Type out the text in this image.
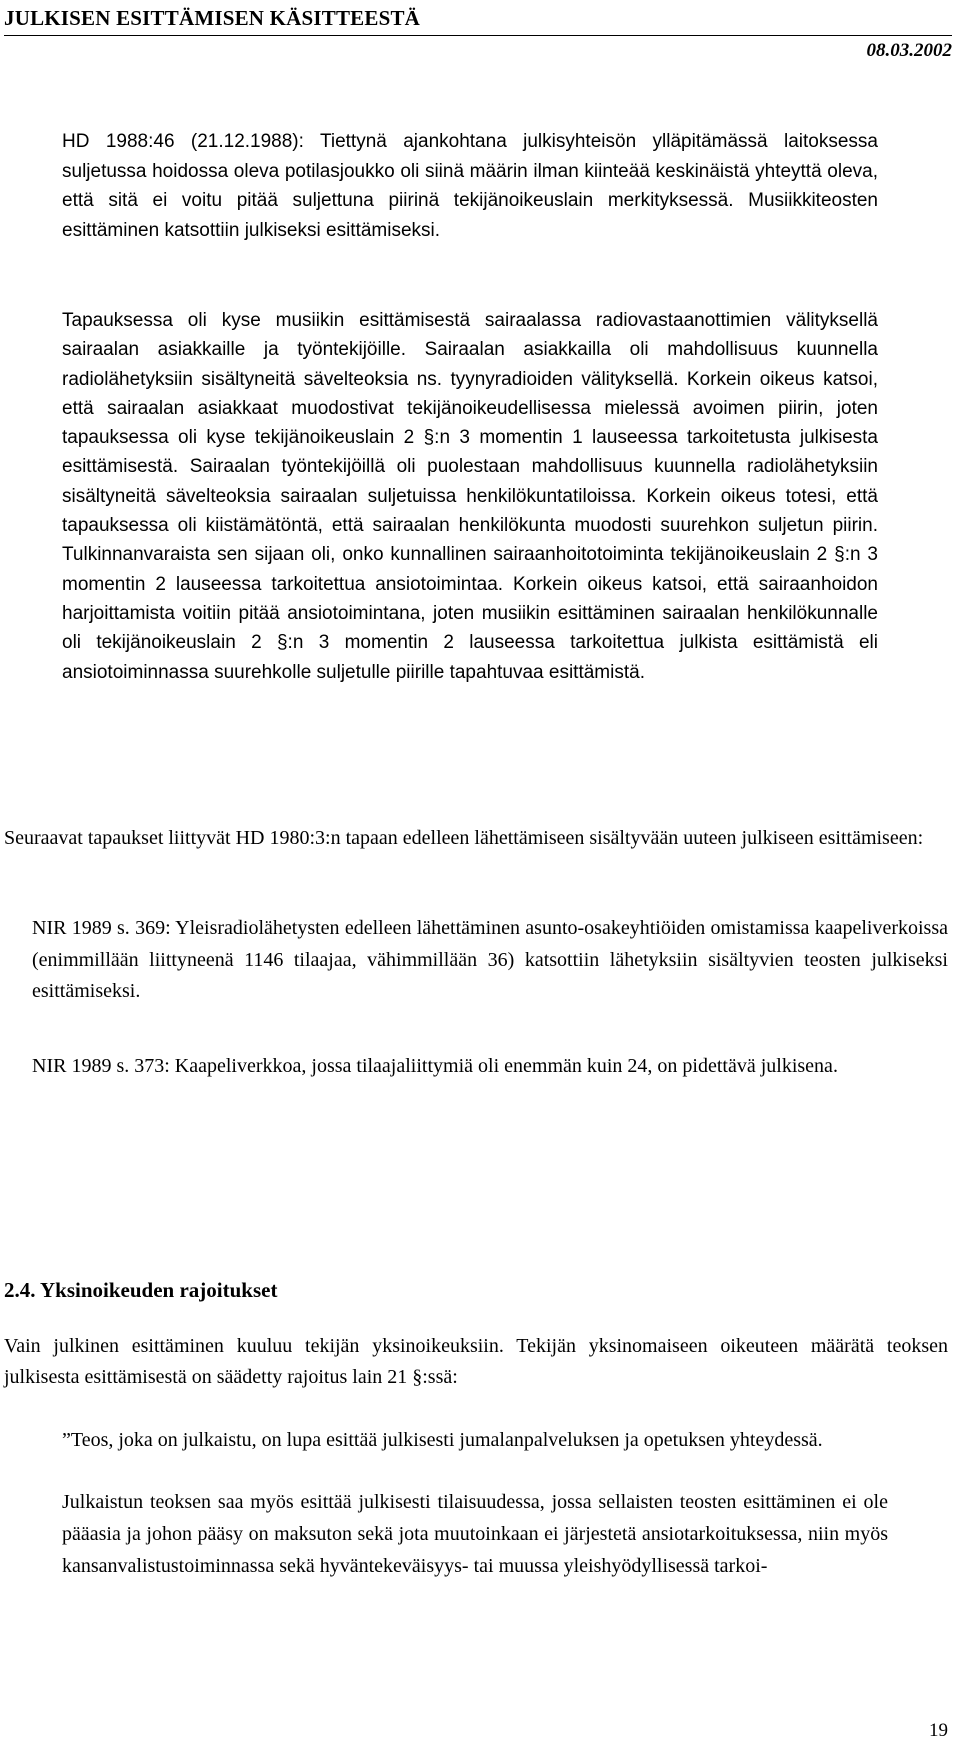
JULKISEN ESITTÄMISEN KÄSITTEESTÄ
08.03.2002

HD 1988:46 (21.12.1988): Tiettynä ajankohtana julkisyhteisön ylläpitämässä laitoksessa suljetussa hoidossa oleva potilasjoukko oli siinä määrin ilman kiinteää keskinäistä yhteyttä oleva, että sitä ei voitu pitää suljettuna piirinä tekijänoikeuslain merkityksessä. Musiikkiteosten esittäminen katsottiin julkiseksi esittämiseksi.

Tapauksessa oli kyse musiikin esittämisestä sairaalassa radiovastaanottimien välityksellä sairaalan asiakkaille ja työntekijöille. Sairaalan asiakkailla oli mahdollisuus kuunnella radiolähetyksiin sisältyneitä sävelteoksia ns. tyynyradioiden välityksellä. Korkein oikeus katsoi, että sairaalan asiakkaat muodostivat tekijänoikeudellisessa mielessä avoimen piirin, joten tapauksessa oli kyse tekijänoikeuslain 2 §:n 3 momentin 1 lauseessa tarkoitetusta julkisesta esittämisestä. Sairaalan työntekijöillä oli puolestaan mahdollisuus kuunnella radiolähetyksiin sisältyneitä sävelteoksia sairaalan suljetuissa henkilökuntatiloissa. Korkein oikeus totesi, että tapauksessa oli kiistämätöntä, että sairaalan henkilökunta muodosti suurehkon suljetun piirin. Tulkinnanvaraista sen sijaan oli, onko kunnallinen sairaanhoitotoiminta tekijänoikeuslain 2 §:n 3 momentin 2 lauseessa tarkoitettua ansiotoimintaa. Korkein oikeus katsoi, että sairaanhoidon harjoittamista voitiin pitää ansiotoimintana, joten musiikin esittäminen sairaalan henkilökunnalle oli tekijänoikeuslain 2 §:n 3 momentin 2 lauseessa tarkoitettua julkista esittämistä eli ansiotoiminnassa suurehkolle suljetulle piirille tapahtuvaa esittämistä.

Seuraavat tapaukset liittyvät HD 1980:3:n tapaan edelleen lähettämiseen sisältyvään uuteen julkiseen esittämiseen:

NIR 1989 s. 369: Yleisradiolähetysten edelleen lähettäminen asunto-osakeyhtiöiden omistamissa kaapeliverkoissa (enimmillään liittyneenä 1146 tilaajaa, vähimmillään 36) katsottiin lähetyksiin sisältyvien teosten julkiseksi esittämiseksi.

NIR 1989 s. 373: Kaapeliverkkoa, jossa tilaajaliittymiä oli enemmän kuin 24, on pidettävä julkisena.

2.4. Yksinoikeuden rajoitukset

Vain julkinen esittäminen kuuluu tekijän yksinoikeuksiin. Tekijän yksinomaiseen oikeuteen määrätä teoksen julkisesta esittämisestä on säädetty rajoitus lain 21 §:ssä:

”Teos, joka on julkaistu, on lupa esittää julkisesti jumalanpalveluksen ja opetuksen yhteydessä.

Julkaistun teoksen saa myös esittää julkisesti tilaisuudessa, jossa sellaisten teosten esittäminen ei ole pääasia ja johon pääsy on maksuton sekä jota muutoinkaan ei järjestetä ansiotarkoituksessa, niin myös kansanvalistustoiminnassa sekä hyväntekeväisyys- tai muussa yleishyödyllisessä tarkoi-

19
